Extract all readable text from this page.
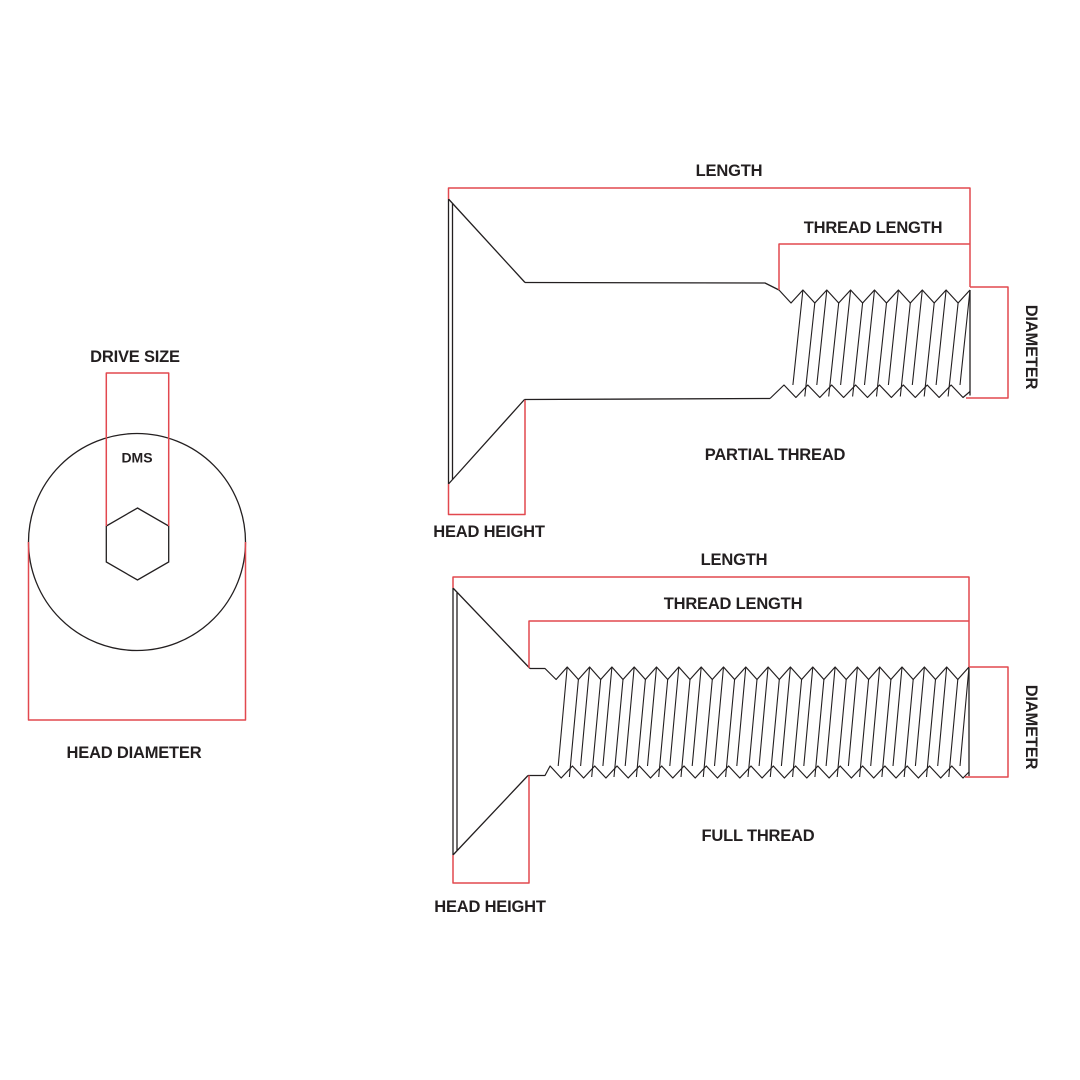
DRIVE SIZE
DMS
HEAD DIAMETER
LENGTH
THREAD LENGTH
DIAMETER
PARTIAL THREAD
HEAD HEIGHT
LENGTH
THREAD LENGTH
DIAMETER
FULL THREAD
HEAD HEIGHT
